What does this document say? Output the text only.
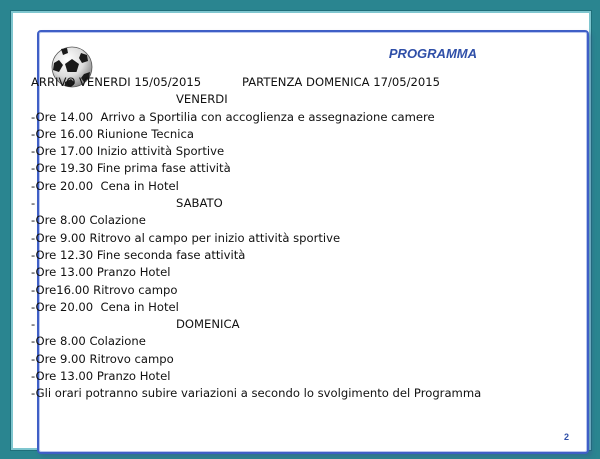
PROGRAMMA
2
ARRIVO VENERDI 15/05/2015	PARTENZA DOMENICA 17/05/2015
VENERDI
-Ore 14.00  Arrivo a Sportilia con accoglienza e assegnazione camere
-Ore 16.00 Riunione Tecnica
-Ore 17.00 Inizio attività Sportive
-Ore 19.30 Fine prima fase attività
-Ore 20.00  Cena in Hotel
-	SABATO
-Ore 8.00 Colazione
-Ore 9.00 Ritrovo al campo per inizio attività sportive
-Ore 12.30 Fine seconda fase attività
-Ore 13.00 Pranzo Hotel
-Ore16.00 Ritrovo campo
-Ore 20.00  Cena in Hotel
-	DOMENICA
-Ore 8.00 Colazione
-Ore 9.00 Ritrovo campo
-Ore 13.00 Pranzo Hotel
-Gli orari potranno subire variazioni a secondo lo svolgimento del Programma
